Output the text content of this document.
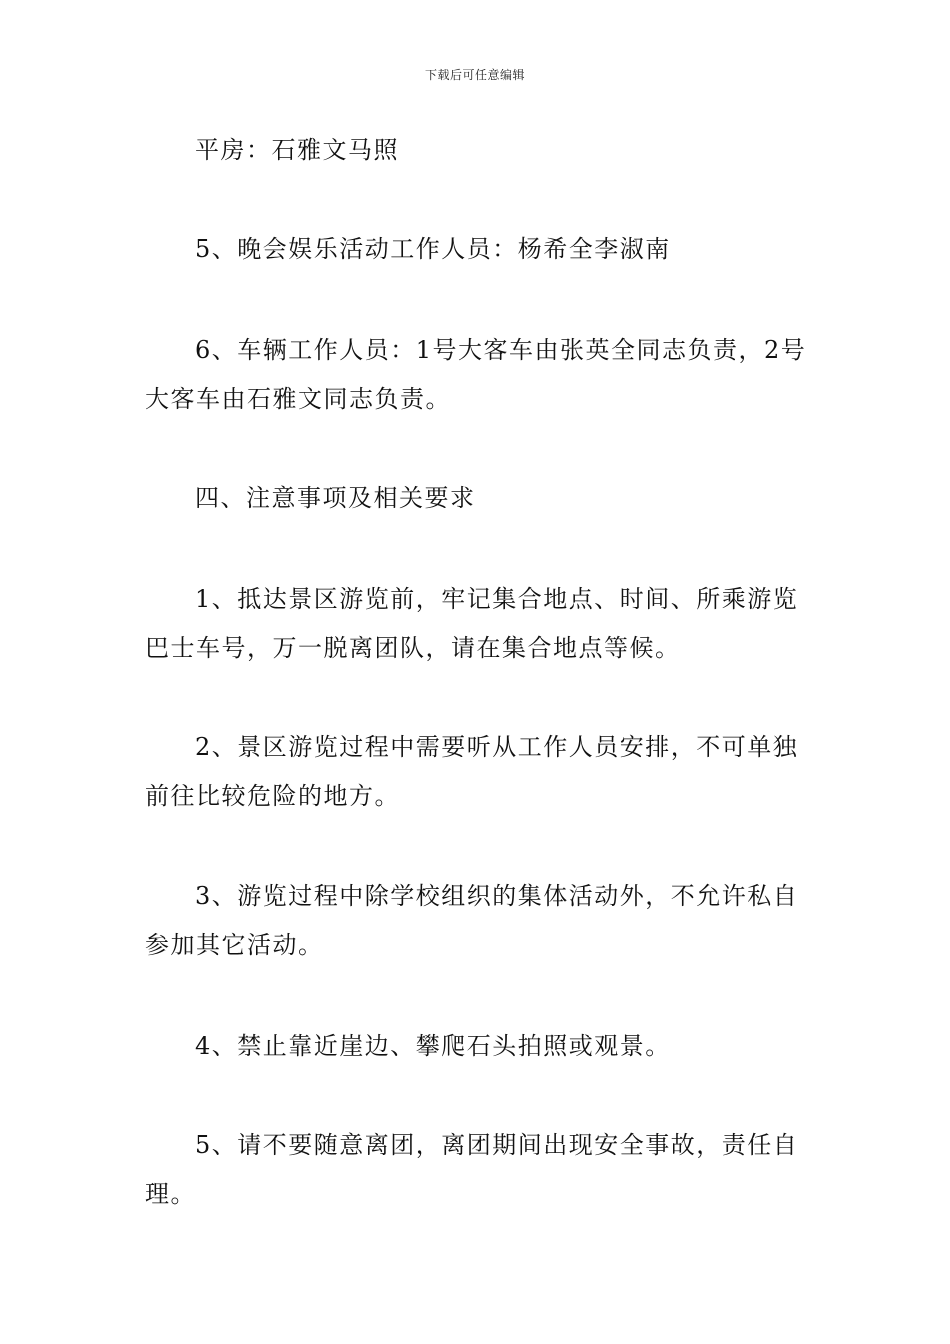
下载后可任意编辑

平房：石雅文马照

5、晚会娱乐活动工作人员：杨希全李淑南

6、车辆工作人员：1号大客车由张英全同志负责，2号大客车由石雅文同志负责。

四、注意事项及相关要求

1、抵达景区游览前，牢记集合地点、时间、所乘游览巴士车号，万一脱离团队，请在集合地点等候。

2、景区游览过程中需要听从工作人员安排，不可单独前往比较危险的地方。

3、游览过程中除学校组织的集体活动外，不允许私自参加其它活动。

4、禁止靠近崖边、攀爬石头拍照或观景。

5、请不要随意离团，离团期间出现安全事故，责任自理。
